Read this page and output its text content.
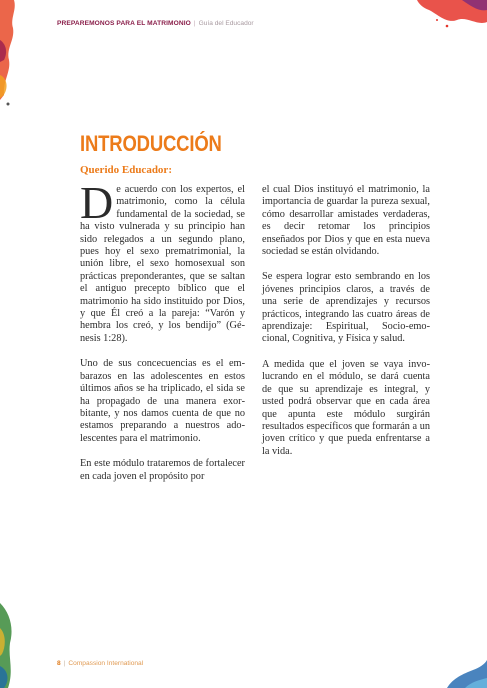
PREPAREMONOS PARA EL MATRIMONIO | Guía del Educador
INTRODUCCIÓN
Querido Educador:

De acuerdo con los expertos, el matrimonio, como la célula fundamental de la sociedad, se ha visto vulnerada y su principio han sido relegados a un segundo plano, pues hoy el sexo prematrimonial, la unión libre, el sexo homosexual son prácticas preponderantes, que se saltan el antiguo precepto bíblico que el matrimonio ha sido instituido por Dios, y que Él creó a la pareja: “Varón y hembra los creó, y los bendijo” (Génesis 1:28).

Uno de sus concecuencias es el embarazos en las adolescentes en estos últimos años se ha triplicado, el sida se ha propagado de una manera exorbitante, y nos damos cuenta de que no estamos preparando a nuestros adolescentes para el matrimonio.

En este módulo trataremos de fortalecer en cada joven el propósito por

el cual Dios instituyó el matrimonio, la importancia de guardar la pureza sexual, cómo desarrollar amistades verdaderas, es decir retomar los principios enseñados por Dios y que en esta nueva sociedad se están olvidando.

Se espera lograr esto sembrando en los jóvenes principios claros, a través de una serie de aprendizajes y recursos prácticos, integrando las cuatro áreas de aprendizaje: Espiritual, Socio-emocional, Cognitiva, y Física y salud.

A medida que el joven se vaya involucrando en el módulo, se dará cuenta de que su aprendizaje es integral, y usted podrá observar que en cada área que apunta este módulo surgirán resultados específicos que formarán a un joven crítico y que pueda enfrentarse a la vida.

8 | Compassion International
